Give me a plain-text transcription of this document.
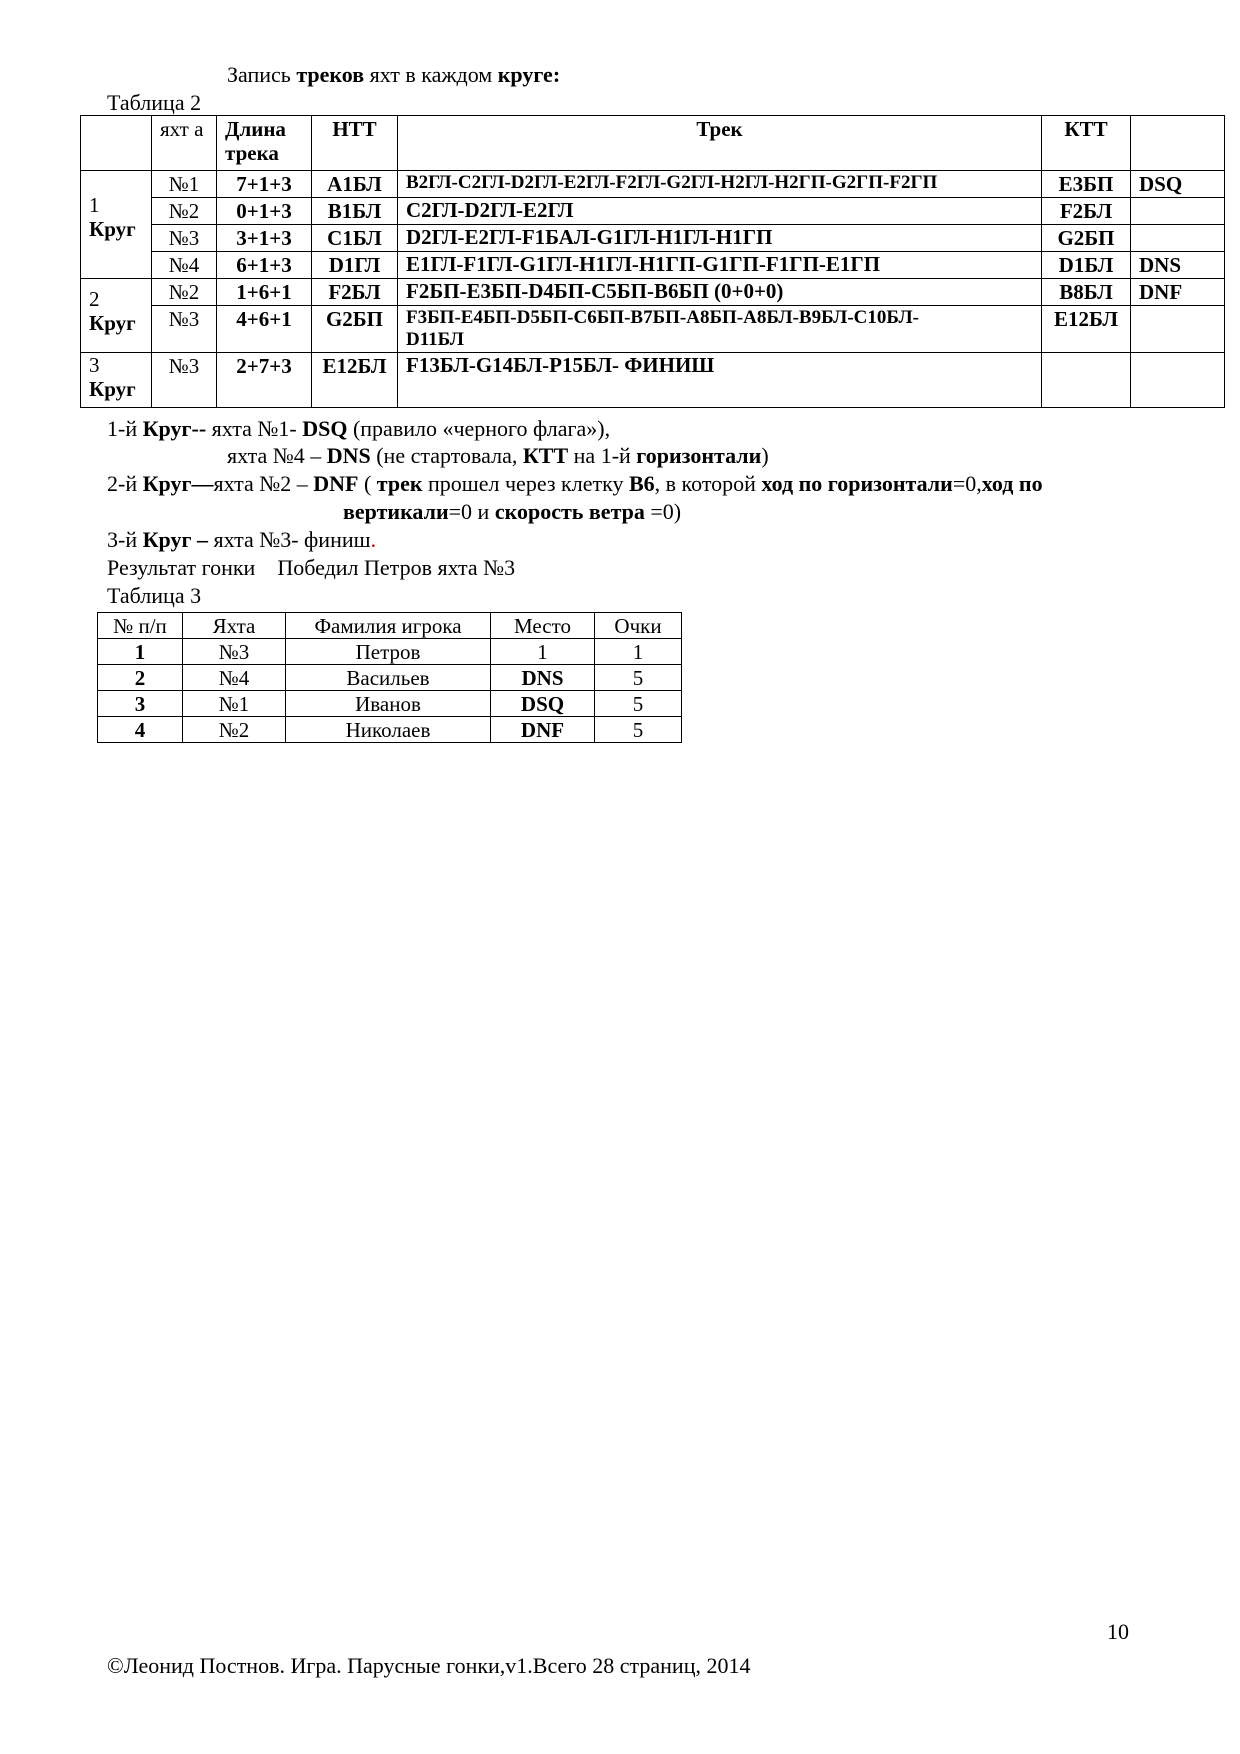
Запись треков яхт в каждом круге:
Таблица 2
	яхт а	Длина трека	НТТ	Трек	КТТ	
1
Круг	№1	7+1+3	A1БЛ	B2ГЛ-C2ГЛ-D2ГЛ-E2ГЛ-F2ГЛ-G2ГЛ-H2ГЛ-H2ГП-G2ГП-F2ГП	E3БП	DSQ
	№2	0+1+3	B1БЛ	C2ГЛ-D2ГЛ-E2ГЛ	F2БЛ	
	№3	3+1+3	C1БЛ	D2ГЛ-E2ГЛ-F1БАЛ-G1ГЛ-H1ГЛ-H1ГП	G2БП	
	№4	6+1+3	D1ГЛ	E1ГЛ-F1ГЛ-G1ГЛ-H1ГЛ-H1ГП-G1ГП-F1ГП-E1ГП	D1БЛ	DNS
2
Круг	№2	1+6+1	F2БЛ	F2БП-E3БП-D4БП-C5БП-B6БП (0+0+0)	B8БЛ	DNF
	№3	4+6+1	G2БП	F3БП-E4БП-D5БП-C6БП-B7БП-A8БП-A8БЛ-B9БЛ-C10БЛ-D11БЛ	E12БЛ	
3
Круг	№3	2+7+3	E12БЛ	F13БЛ-G14БЛ-P15БЛ- ФИНИШ		
1-й Круг-- яхта №1- DSQ (правило «черного флага»),
яхта №4 – DNS (не стартовала, КТТ на 1-й горизонтали)
2-й Круг—яхта №2 – DNF ( трек прошел через клетку B6, в которой ход по горизонтали=0,ход по
вертикали=0 и скорость ветра =0)
3-й Круг – яхта №3- финиш.
Результат гонки    Победил Петров яхта №3
Таблица 3
№ п/п	Яхта	Фамилия игрока	Место	Очки
1	№3	Петров	1	1
2	№4	Васильев	DNS	5
3	№1	Иванов	DSQ	5
4	№2	Николаев	DNF	5
10
©Леонид Постнов. Игра. Парусные гонки,v1.Всего 28 страниц, 2014
